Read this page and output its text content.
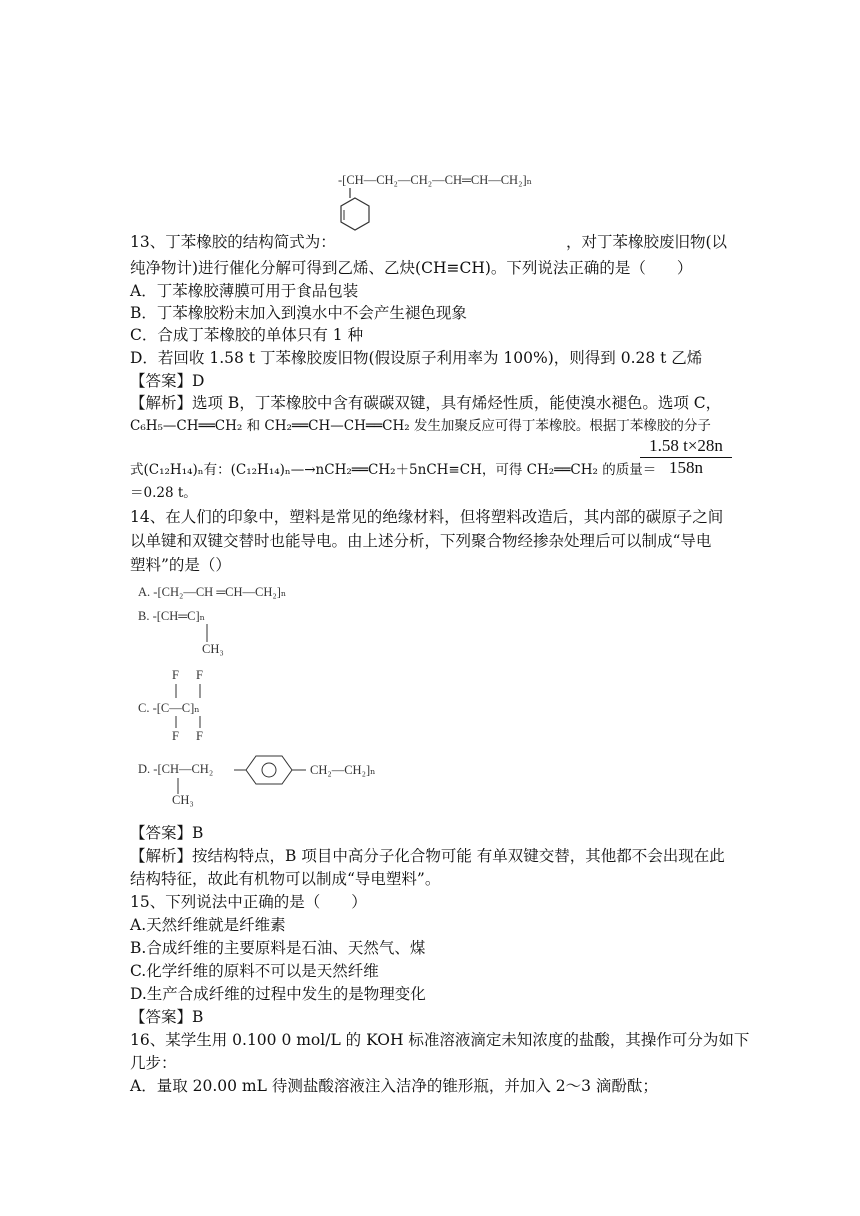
-[CH—CH₂—CH₂—CH═CH—CH₂]ₙ
13、丁苯橡胶的结构简式为：	，对丁苯橡胶废旧物(以
纯净物计)进行催化分解可得到乙烯、乙炔(CH≡CH)。下列说法正确的是（　　）
A．丁苯橡胶薄膜可用于食品包装
B．丁苯橡胶粉末加入到溴水中不会产生褪色现象
C．合成丁苯橡胶的单体只有 1 种
D．若回收 1.58 t 丁苯橡胶废旧物(假设原子利用率为 100%)，则得到 0.28 t 乙烯
【答案】D
【解析】选项 B，丁苯橡胶中含有碳碳双键，具有烯烃性质，能使溴水褪色。选项 C，
C₆H₅—CH══CH₂ 和 CH₂══CH—CH══CH₂ 发生加聚反应可得丁苯橡胶。根据丁苯橡胶的分子
式(C₁₂H₁₄)ₙ有：(C₁₂H₁₄)ₙ—→nCH₂══CH₂＋5nCH≡CH，可得 CH₂══CH₂ 的质量＝
$\frac{1.58 t\times 28n}{158n}$
＝0.28 t。
14、在人们的印象中，塑料是常见的绝缘材料，但将塑料改造后，其内部的碳原子之间
以单键和双键交替时也能导电。由上述分析，下列聚合物经掺杂处理后可以制成“导电
塑料”的是（）
A. -[CH₂—CH ═CH—CH₂]ₙ
B. -[CH═C]ₙ
CH₃
F F
C. -[C—C]ₙ
F F
D. -[CH—CH₂	CH₂—CH₂]ₙ
CH₃
【答案】B
【解析】按结构特点，B 项目中高分子化合物可能 有单双键交替，其他都不会出现在此
结构特征，故此有机物可以制成“导电塑料”。
15、下列说法中正确的是（　　）
A.天然纤维就是纤维素
B.合成纤维的主要原料是石油、天然气、煤
C.化学纤维的原料不可以是天然纤维
D.生产合成纤维的过程中发生的是物理变化
【答案】B
16、某学生用 0.100 0 mol/L 的 KOH 标准溶液滴定未知浓度的盐酸，其操作可分为如下
几步：
A．量取 20.00 mL 待测盐酸溶液注入洁净的锥形瓶，并加入 2～3 滴酚酞；
